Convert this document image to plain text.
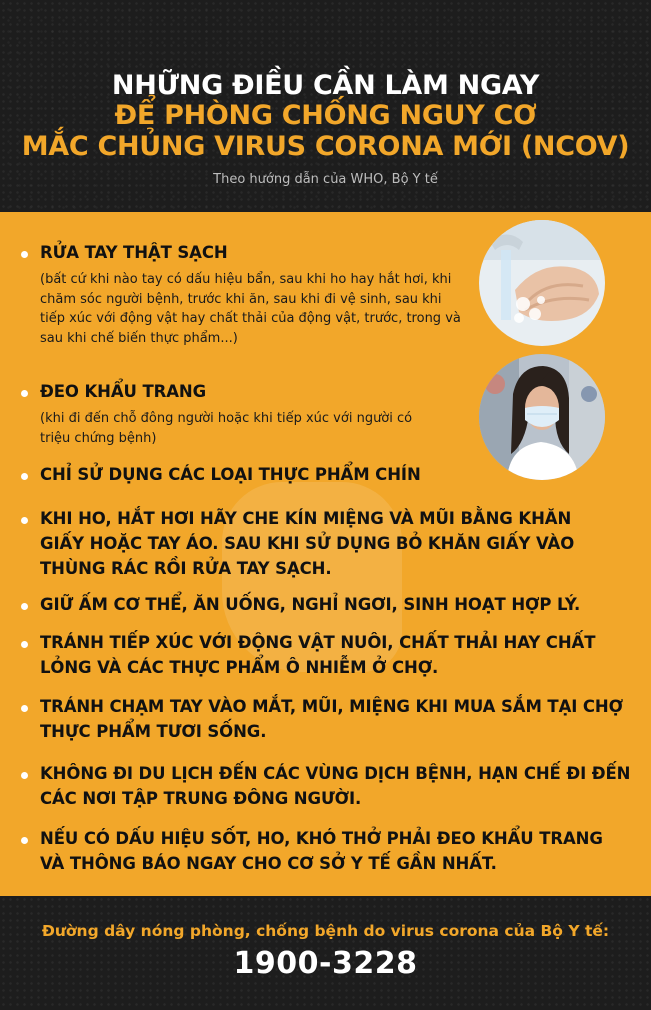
NHỮNG ĐIỀU CẦN LÀM NGAY
ĐỂ PHÒNG CHỐNG NGUY CƠ
MẮC CHỦNG VIRUS CORONA MỚI (NCOV)
Theo hướng dẫn của WHO, Bộ Y tế
RỬA TAY THẬT SẠCH
(bất cứ khi nào tay có dấu hiệu bẩn, sau khi ho hay hắt hơi, khi
chăm sóc người bệnh, trước khi ăn, sau khi đi vệ sinh, sau khi
tiếp xúc với động vật hay chất thải của động vật, trước, trong và
sau khi chế biến thực phẩm...)
ĐEO KHẨU TRANG
(khi đi đến chỗ đông người hoặc khi tiếp xúc với người có
triệu chứng bệnh)
CHỈ SỬ DỤNG CÁC LOẠI THỰC PHẨM CHÍN
KHI HO, HẮT HƠI HÃY CHE KÍN MIỆNG VÀ MŨI BẰNG KHĂN
GIẤY HOẶC TAY ÁO. SAU KHI SỬ DỤNG BỎ KHĂN GIẤY VÀO
THÙNG RÁC RỒI RỬA TAY SẠCH.
GIỮ ẤM CƠ THỂ, ĂN UỐNG, NGHỈ NGƠI, SINH HOẠT HỢP LÝ.
TRÁNH TIẾP XÚC VỚI ĐỘNG VẬT NUÔI, CHẤT THẢI HAY CHẤT
LỎNG VÀ CÁC THỰC PHẨM Ô NHIỄM Ở CHỢ.
TRÁNH CHẠM TAY VÀO MẮT, MŨI, MIỆNG KHI MUA SẮM TẠI CHỢ
THỰC PHẨM TƯƠI SỐNG.
KHÔNG ĐI DU LỊCH ĐẾN CÁC VÙNG DỊCH BỆNH, HẠN CHẾ ĐI ĐẾN
CÁC NƠI TẬP TRUNG ĐÔNG NGƯỜI.
NẾU CÓ DẤU HIỆU SỐT, HO, KHÓ THỞ PHẢI ĐEO KHẨU TRANG
VÀ THÔNG BÁO NGAY CHO CƠ SỞ Y TẾ GẦN NHẤT.
Đường dây nóng phòng, chống bệnh do virus corona của Bộ Y tế:
1900-3228
